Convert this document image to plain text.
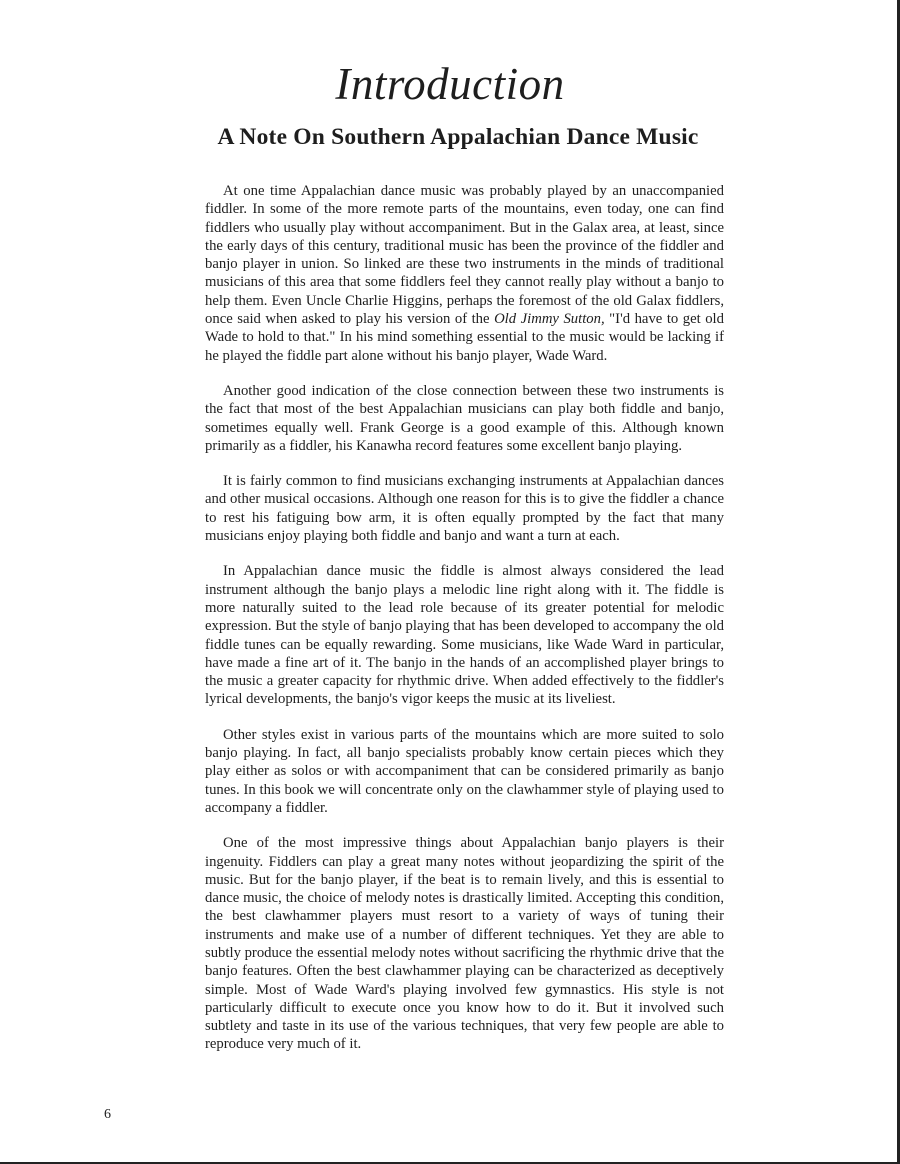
Introduction
A Note On Southern Appalachian Dance Music

At one time Appalachian dance music was probably played by an unaccompanied fiddler. In some of the more remote parts of the mountains, even today, one can find fiddlers who usually play without accompaniment. But in the Galax area, at least, since the early days of this century, traditional music has been the province of the fiddler and banjo player in union. So linked are these two instruments in the minds of traditional musicians of this area that some fiddlers feel they cannot really play without a banjo to help them. Even Uncle Charlie Higgins, perhaps the foremost of the old Galax fiddlers, once said when asked to play his version of the Old Jimmy Sutton, "I'd have to get old Wade to hold to that." In his mind something essential to the music would be lacking if he played the fiddle part alone without his banjo player, Wade Ward.

Another good indication of the close connection between these two instruments is the fact that most of the best Appalachian musicians can play both fiddle and banjo, sometimes equally well. Frank George is a good example of this. Although known primarily as a fiddler, his Kanawha record features some excellent banjo playing.

It is fairly common to find musicians exchanging instruments at Appalachian dances and other musical occasions. Although one reason for this is to give the fiddler a chance to rest his fatiguing bow arm, it is often equally prompted by the fact that many musicians enjoy playing both fiddle and banjo and want a turn at each.

In Appalachian dance music the fiddle is almost always considered the lead instrument although the banjo plays a melodic line right along with it. The fiddle is more naturally suited to the lead role because of its greater potential for melodic expression. But the style of banjo playing that has been developed to accompany the old fiddle tunes can be equally rewarding. Some musicians, like Wade Ward in particular, have made a fine art of it. The banjo in the hands of an accomplished player brings to the music a greater capacity for rhythmic drive. When added effectively to the fiddler's lyrical developments, the banjo's vigor keeps the music at its liveliest.

Other styles exist in various parts of the mountains which are more suited to solo banjo playing. In fact, all banjo specialists probably know certain pieces which they play either as solos or with accompaniment that can be considered primarily as banjo tunes. In this book we will concentrate only on the clawhammer style of playing used to accompany a fiddler.

One of the most impressive things about Appalachian banjo players is their ingenuity. Fiddlers can play a great many notes without jeopardizing the spirit of the music. But for the banjo player, if the beat is to remain lively, and this is essential to dance music, the choice of melody notes is drastically limited. Accepting this condition, the best clawhammer players must resort to a variety of ways of tuning their instruments and make use of a number of different techniques. Yet they are able to subtly produce the essential melody notes without sacrificing the rhythmic drive that the banjo features. Often the best clawhammer playing can be characterized as deceptively simple. Most of Wade Ward's playing involved few gymnastics. His style is not particularly difficult to execute once you know how to do it. But it involved such subtlety and taste in its use of the various techniques, that very few people are able to reproduce very much of it.

6
